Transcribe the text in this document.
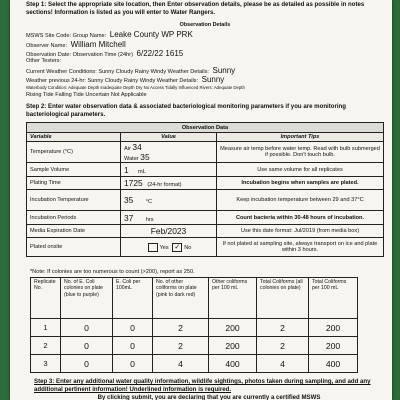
Step 1: Select the appropriate site location, then Enter observation details, please be as detailed as possible in notes sections! Information is listed as you will enter to Water Rangers.
Observation Details
MSWS Site Code: Group Name: Leake County WP PRK
Observer Name: William Mitchell
Observation Date: Observation Time (24hr) 6/22/22 1615
Other Testers:
Current Weather Conditions: Sunny Cloudy Rainy Windy Weather Details: Sunny
Weather previous 24-hr: Sunny Cloudy Rainy Windy Weather Details: Sunny
Waterbody Condition: Adequate Depth Inadequate Depth Dry No Access Tidally Influenced Rivers: Adequate Depth
Rising Tide Falling Tide Uncertain Not Applicable
Step 2: Enter water observation data & associated bacteriological monitoring parameters if you are monitoring bacteriological parameters.
Observation Data		
Variable	Value	Important Tips
Temperature (°C)	Air 34
Water 35	Measure air temp before water temp. Read with bulb submerged if possible. Don't touch bulb.
Sample Volume	1 mL	Use same volume for all replicates
Plating Time	1725 (24-hr format)	Incubation begins when samples are plated.
Incubation Temperature	35 °C	Keep incubation temperature between 29 and 37°C
Incubation Periods	37 hrs	Count bacteria within 30-48 hours of incubation.
Media Expiration Date	Feb/2023	Use this date format: Jul/2019 (from media box)
Plated onsite	Yes ✓ No	If not plated at sampling site, always transport on ice and plate within 3 hours.
*Note: If colonies are too numerous to count (>200), report as 250.
Replicate No.	No. of E. Coli colonies on plate (blue to purple)	E. Coli per 100mL	No. of other coliforms on plate (pink to dark red)	Other coliforms per 100 mL	Total Coliforms (all colonies on plate)	Total Coliforms per 100 mL
1	0	0	2	200	2	200
2	0	0	2	200	2	200
3	0	0	4	400	4	400
Step 3: Enter any additional water quality information, wildlife sightings, photos taken during sampling, and add any additional pertinent information! Underlined information is required.
By clicking submit, you are declaring that you are currently a certified MSWS
